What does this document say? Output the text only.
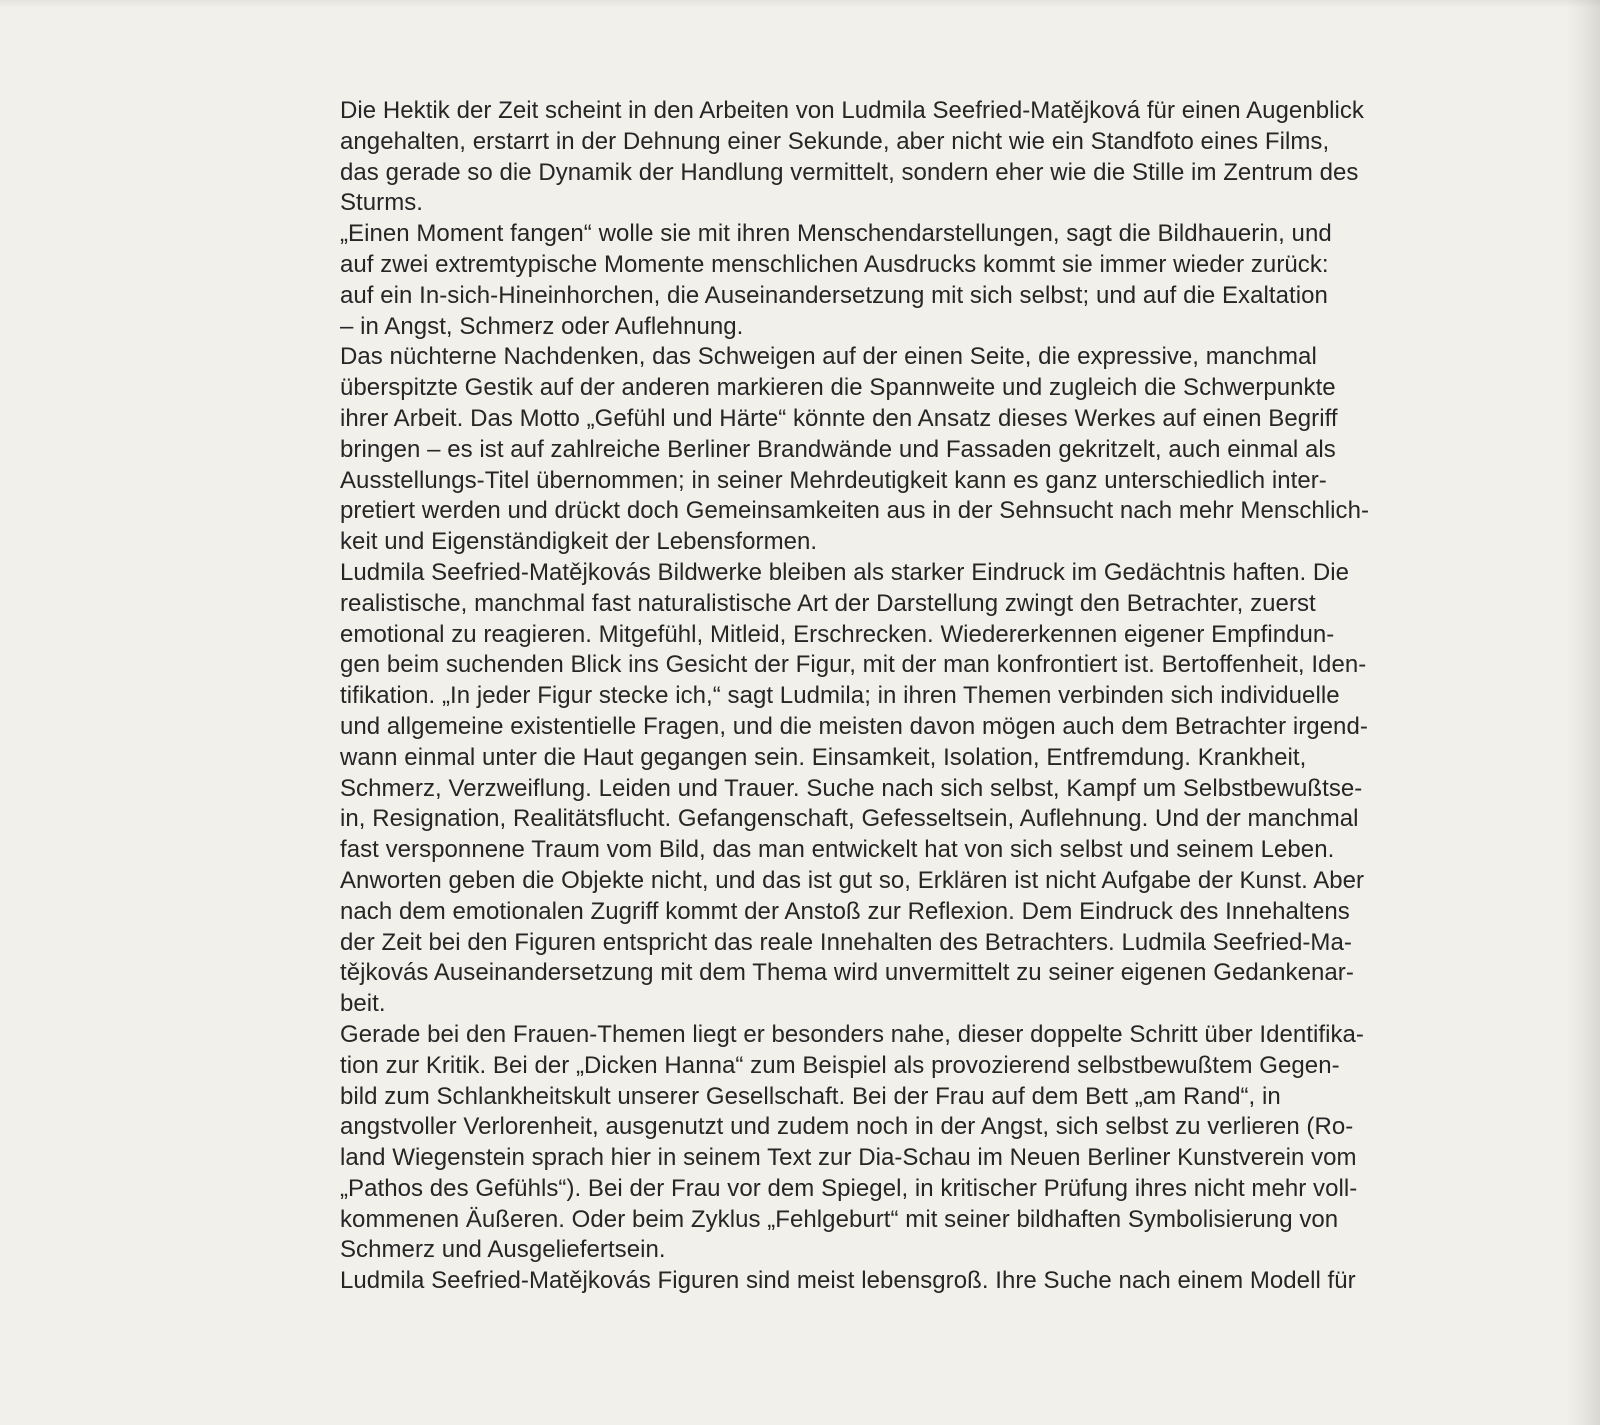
Die Hektik der Zeit scheint in den Arbeiten von Ludmila Seefried-Matějková für einen Augenblick
angehalten, erstarrt in der Dehnung einer Sekunde, aber nicht wie ein Standfoto eines Films,
das gerade so die Dynamik der Handlung vermittelt, sondern eher wie die Stille im Zentrum des
Sturms.

„Einen Moment fangen“ wolle sie mit ihren Menschendarstellungen, sagt die Bildhauerin, und
auf zwei extremtypische Momente menschlichen Ausdrucks kommt sie immer wieder zurück:
auf ein In-sich-Hineinhorchen, die Auseinandersetzung mit sich selbst; und auf die Exaltation
– in Angst, Schmerz oder Auflehnung.

Das nüchterne Nachdenken, das Schweigen auf der einen Seite, die expressive, manchmal
überspitzte Gestik auf der anderen markieren die Spannweite und zugleich die Schwerpunkte
ihrer Arbeit. Das Motto „Gefühl und Härte“ könnte den Ansatz dieses Werkes auf einen Begriff
bringen – es ist auf zahlreiche Berliner Brandwände und Fassaden gekritzelt, auch einmal als
Ausstellungs-Titel übernommen; in seiner Mehrdeutigkeit kann es ganz unterschiedlich inter-
pretiert werden und drückt doch Gemeinsamkeiten aus in der Sehnsucht nach mehr Menschlich-
keit und Eigenständigkeit der Lebensformen.

Ludmila Seefried-Matějkovás Bildwerke bleiben als starker Eindruck im Gedächtnis haften. Die
realistische, manchmal fast naturalistische Art der Darstellung zwingt den Betrachter, zuerst
emotional zu reagieren. Mitgefühl, Mitleid, Erschrecken. Wiedererkennen eigener Empfindun-
gen beim suchenden Blick ins Gesicht der Figur, mit der man konfrontiert ist. Bertoffenheit, Iden-
tifikation. „In jeder Figur stecke ich,“ sagt Ludmila; in ihren Themen verbinden sich individuelle
und allgemeine existentielle Fragen, und die meisten davon mögen auch dem Betrachter irgend-
wann einmal unter die Haut gegangen sein. Einsamkeit, Isolation, Entfremdung. Krankheit,
Schmerz, Verzweiflung. Leiden und Trauer. Suche nach sich selbst, Kampf um Selbstbewußtse-
in, Resignation, Realitätsflucht. Gefangenschaft, Gefesseltsein, Auflehnung. Und der manchmal
fast versponnene Traum vom Bild, das man entwickelt hat von sich selbst und seinem Leben.

Anworten geben die Objekte nicht, und das ist gut so, Erklären ist nicht Aufgabe der Kunst. Aber
nach dem emotionalen Zugriff kommt der Anstoß zur Reflexion. Dem Eindruck des Innehaltens
der Zeit bei den Figuren entspricht das reale Innehalten des Betrachters. Ludmila Seefried-Ma-
tějkovás Auseinandersetzung mit dem Thema wird unvermittelt zu seiner eigenen Gedankenar-
beit.

Gerade bei den Frauen-Themen liegt er besonders nahe, dieser doppelte Schritt über Identifika-
tion zur Kritik. Bei der „Dicken Hanna“ zum Beispiel als provozierend selbstbewußtem Gegen-
bild zum Schlankheitskult unserer Gesellschaft. Bei der Frau auf dem Bett „am Rand“, in
angstvoller Verlorenheit, ausgenutzt und zudem noch in der Angst, sich selbst zu verlieren (Ro-
land Wiegenstein sprach hier in seinem Text zur Dia-Schau im Neuen Berliner Kunstverein vom
„Pathos des Gefühls“). Bei der Frau vor dem Spiegel, in kritischer Prüfung ihres nicht mehr voll-
kommenen Äußeren. Oder beim Zyklus „Fehlgeburt“ mit seiner bildhaften Symbolisierung von
Schmerz und Ausgeliefertsein.

Ludmila Seefried-Matějkovás Figuren sind meist lebensgroß. Ihre Suche nach einem Modell für
